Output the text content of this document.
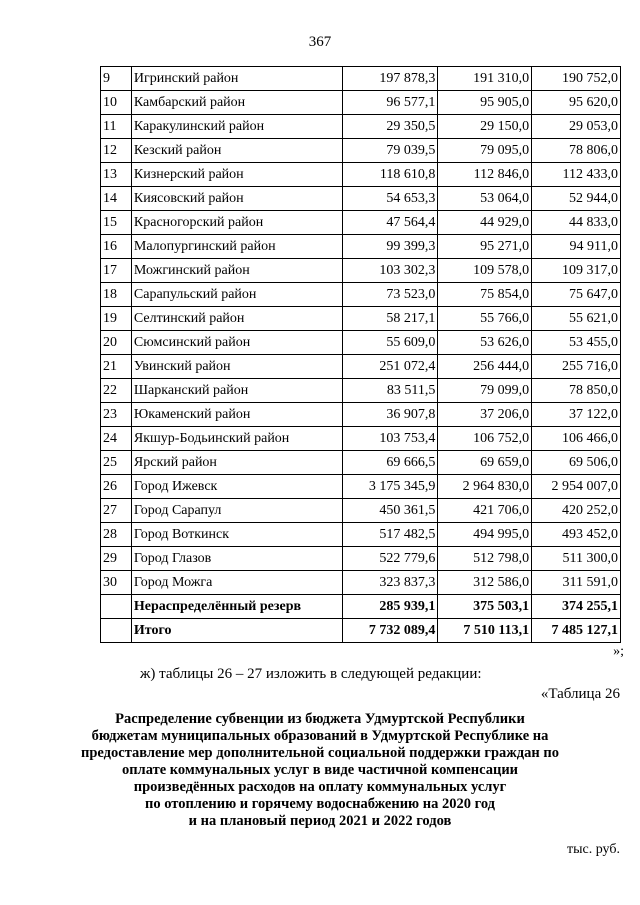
367
9	Игринский район	197 878,3	191 310,0	190 752,0
10	Камбарский район	96 577,1	95 905,0	95 620,0
11	Каракулинский район	29 350,5	29 150,0	29 053,0
12	Кезский район	79 039,5	79 095,0	78 806,0
13	Кизнерский район	118 610,8	112 846,0	112 433,0
14	Киясовский район	54 653,3	53 064,0	52 944,0
15	Красногорский район	47 564,4	44 929,0	44 833,0
16	Малопургинский район	99 399,3	95 271,0	94 911,0
17	Можгинский район	103 302,3	109 578,0	109 317,0
18	Сарапульский район	73 523,0	75 854,0	75 647,0
19	Селтинский район	58 217,1	55 766,0	55 621,0
20	Сюмсинский район	55 609,0	53 626,0	53 455,0
21	Увинский район	251 072,4	256 444,0	255 716,0
22	Шарканский район	83 511,5	79 099,0	78 850,0
23	Юкаменский район	36 907,8	37 206,0	37 122,0
24	Якшур-Бодьинский район	103 753,4	106 752,0	106 466,0
25	Ярский район	69 666,5	69 659,0	69 506,0
26	Город Ижевск	3 175 345,9	2 964 830,0	2 954 007,0
27	Город Сарапул	450 361,5	421 706,0	420 252,0
28	Город Воткинск	517 482,5	494 995,0	493 452,0
29	Город Глазов	522 779,6	512 798,0	511 300,0
30	Город Можга	323 837,3	312 586,0	311 591,0
	Нераспределённый резерв	285 939,1	375 503,1	374 255,1
	Итого	7 732 089,4	7 510 113,1	7 485 127,1
»;
ж) таблицы 26 – 27 изложить в следующей редакции:
«Таблица 26
Распределение субвенции из бюджета Удмуртской Республики
бюджетам муниципальных образований в Удмуртской Республике на
предоставление мер дополнительной социальной поддержки граждан по
оплате коммунальных услуг в виде частичной компенсации
произведённых расходов на оплату коммунальных услуг
по отоплению и горячему водоснабжению на 2020 год
и на плановый период 2021 и 2022 годов
тыс. руб.
